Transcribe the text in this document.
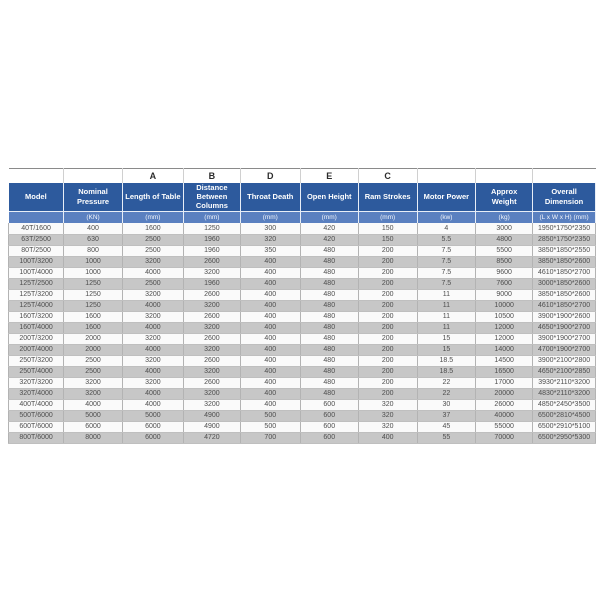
		A	B	D	E	C			
Model	Nominal Pressure	Length of Table	Distance Between Columns	Throat Death	Open Height	Ram Strokes	Motor Power	Approx Weight	Overall Dimension
	(KN)	(mm)	(mm)	(mm)	(mm)	(mm)	(kw)	(kg)	(L x W x H) (mm)
40T/1600	400	1600	1250	300	420	150	4	3000	1950*1750*2350
63T/2500	630	2500	1960	320	420	150	5.5	4800	2850*1750*2350
80T/2500	800	2500	1960	350	480	200	7.5	5500	3850*1850*2550
100T/3200	1000	3200	2600	400	480	200	7.5	8500	3850*1850*2600
100T/4000	1000	4000	3200	400	480	200	7.5	9600	4610*1850*2700
125T/2500	1250	2500	1960	400	480	200	7.5	7600	3000*1850*2600
125T/3200	1250	3200	2600	400	480	200	11	9000	3850*1850*2600
125T/4000	1250	4000	3200	400	480	200	11	10000	4610*1850*2700
160T/3200	1600	3200	2600	400	480	200	11	10500	3900*1900*2600
160T/4000	1600	4000	3200	400	480	200	11	12000	4650*1900*2700
200T/3200	2000	3200	2600	400	480	200	15	12000	3900*1900*2700
200T/4000	2000	4000	3200	400	480	200	15	14000	4700*1900*2700
250T/3200	2500	3200	2600	400	480	200	18.5	14500	3900*2100*2800
250T/4000	2500	4000	3200	400	480	200	18.5	16500	4650*2100*2850
320T/3200	3200	3200	2600	400	480	200	22	17000	3930*2110*3200
320T/4000	3200	4000	3200	400	480	200	22	20000	4830*2110*3200
400T/4000	4000	4000	3200	400	600	320	30	26000	4850*2450*3500
500T/6000	5000	5000	4900	500	600	320	37	40000	6500*2810*4500
600T/6000	6000	6000	4900	500	600	320	45	55000	6500*2910*5100
800T/6000	8000	6000	4720	700	600	400	55	70000	6500*2950*5300
